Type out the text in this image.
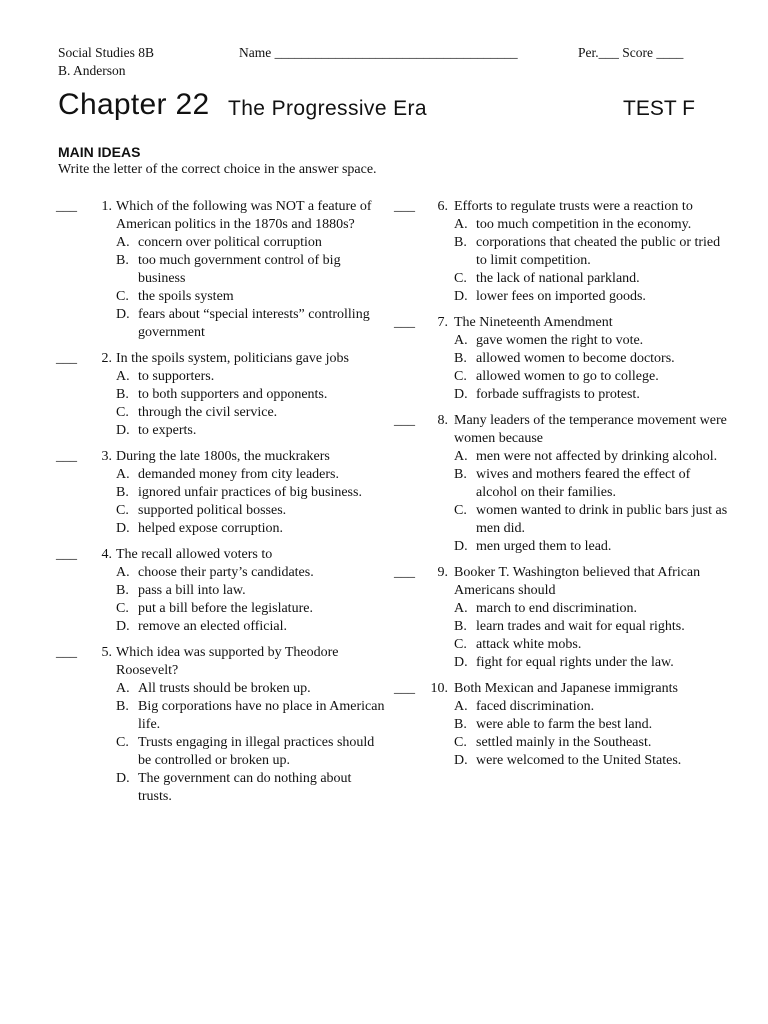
Social Studies 8B
B. Anderson
Name ____________________________________	Per.___ Score ____
Chapter 22 The Progressive Era	TEST F
MAIN IDEAS
Write the letter of the correct choice in the answer space.
___	1. Which of the following was NOT a feature of American politics in the 1870s and 1880s?
A. concern over political corruption
B. too much government control of big business
C. the spoils system
D. fears about “special interests” controlling government
___	2. In the spoils system, politicians gave jobs
A. to supporters.
B. to both supporters and opponents.
C. through the civil service.
D. to experts.
___	3. During the late 1800s, the muckrakers
A. demanded money from city leaders.
B. ignored unfair practices of big business.
C. supported political bosses.
D. helped expose corruption.
___	4. The recall allowed voters to
A. choose their party’s candidates.
B. pass a bill into law.
C. put a bill before the legislature.
D. remove an elected official.
___	5. Which idea was supported by Theodore Roosevelt?
A. All trusts should be broken up.
B. Big corporations have no place in American life.
C. Trusts engaging in illegal practices should be controlled or broken up.
D. The government can do nothing about trusts.
___	6. Efforts to regulate trusts were a reaction to
A. too much competition in the economy.
B. corporations that cheated the public or tried to limit competition.
C. the lack of national parkland.
D. lower fees on imported goods.
___	7. The Nineteenth Amendment
A. gave women the right to vote.
B. allowed women to become doctors.
C. allowed women to go to college.
D. forbade suffragists to protest.
___	8. Many leaders of the temperance movement were women because
A. men were not affected by drinking alcohol.
B. wives and mothers feared the effect of alcohol on their families.
C. women wanted to drink in public bars just as men did.
D. men urged them to lead.
___	9. Booker T. Washington believed that African Americans should
A. march to end discrimination.
B. learn trades and wait for equal rights.
C. attack white mobs.
D. fight for equal rights under the law.
___	10. Both Mexican and Japanese immigrants
A. faced discrimination.
B. were able to farm the best land.
C. settled mainly in the Southeast.
D. were welcomed to the United States.
